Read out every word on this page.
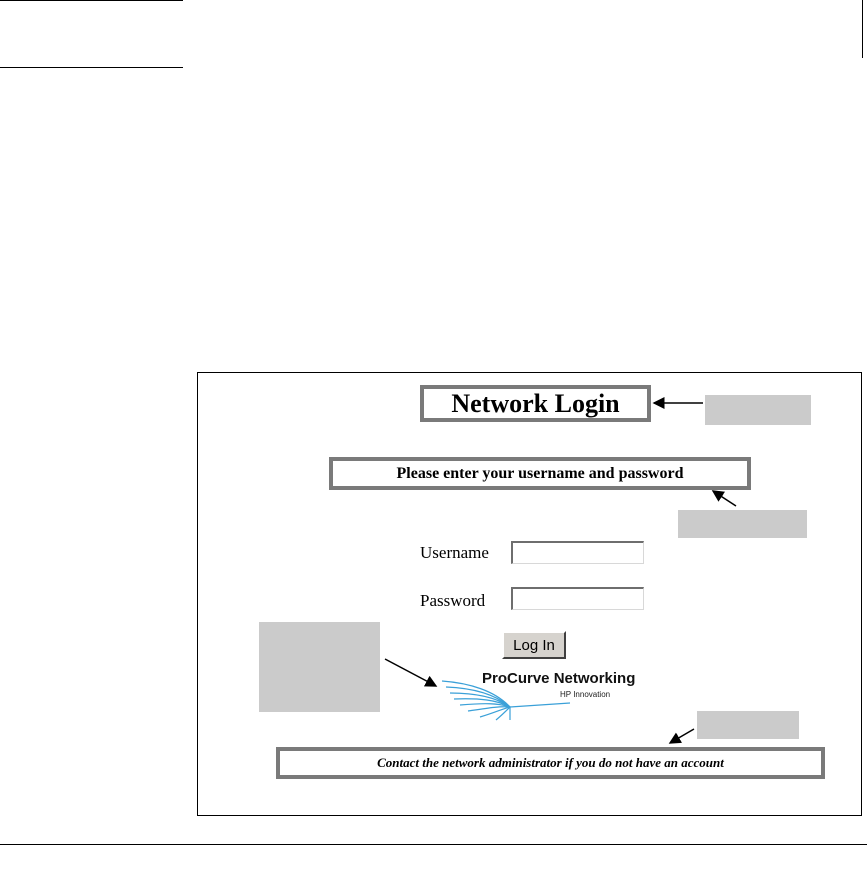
Network Login
Please enter your username and password
Username
Password
Log In
ProCurve Networking
HP Innovation
Contact the network administrator if you do not have an account
